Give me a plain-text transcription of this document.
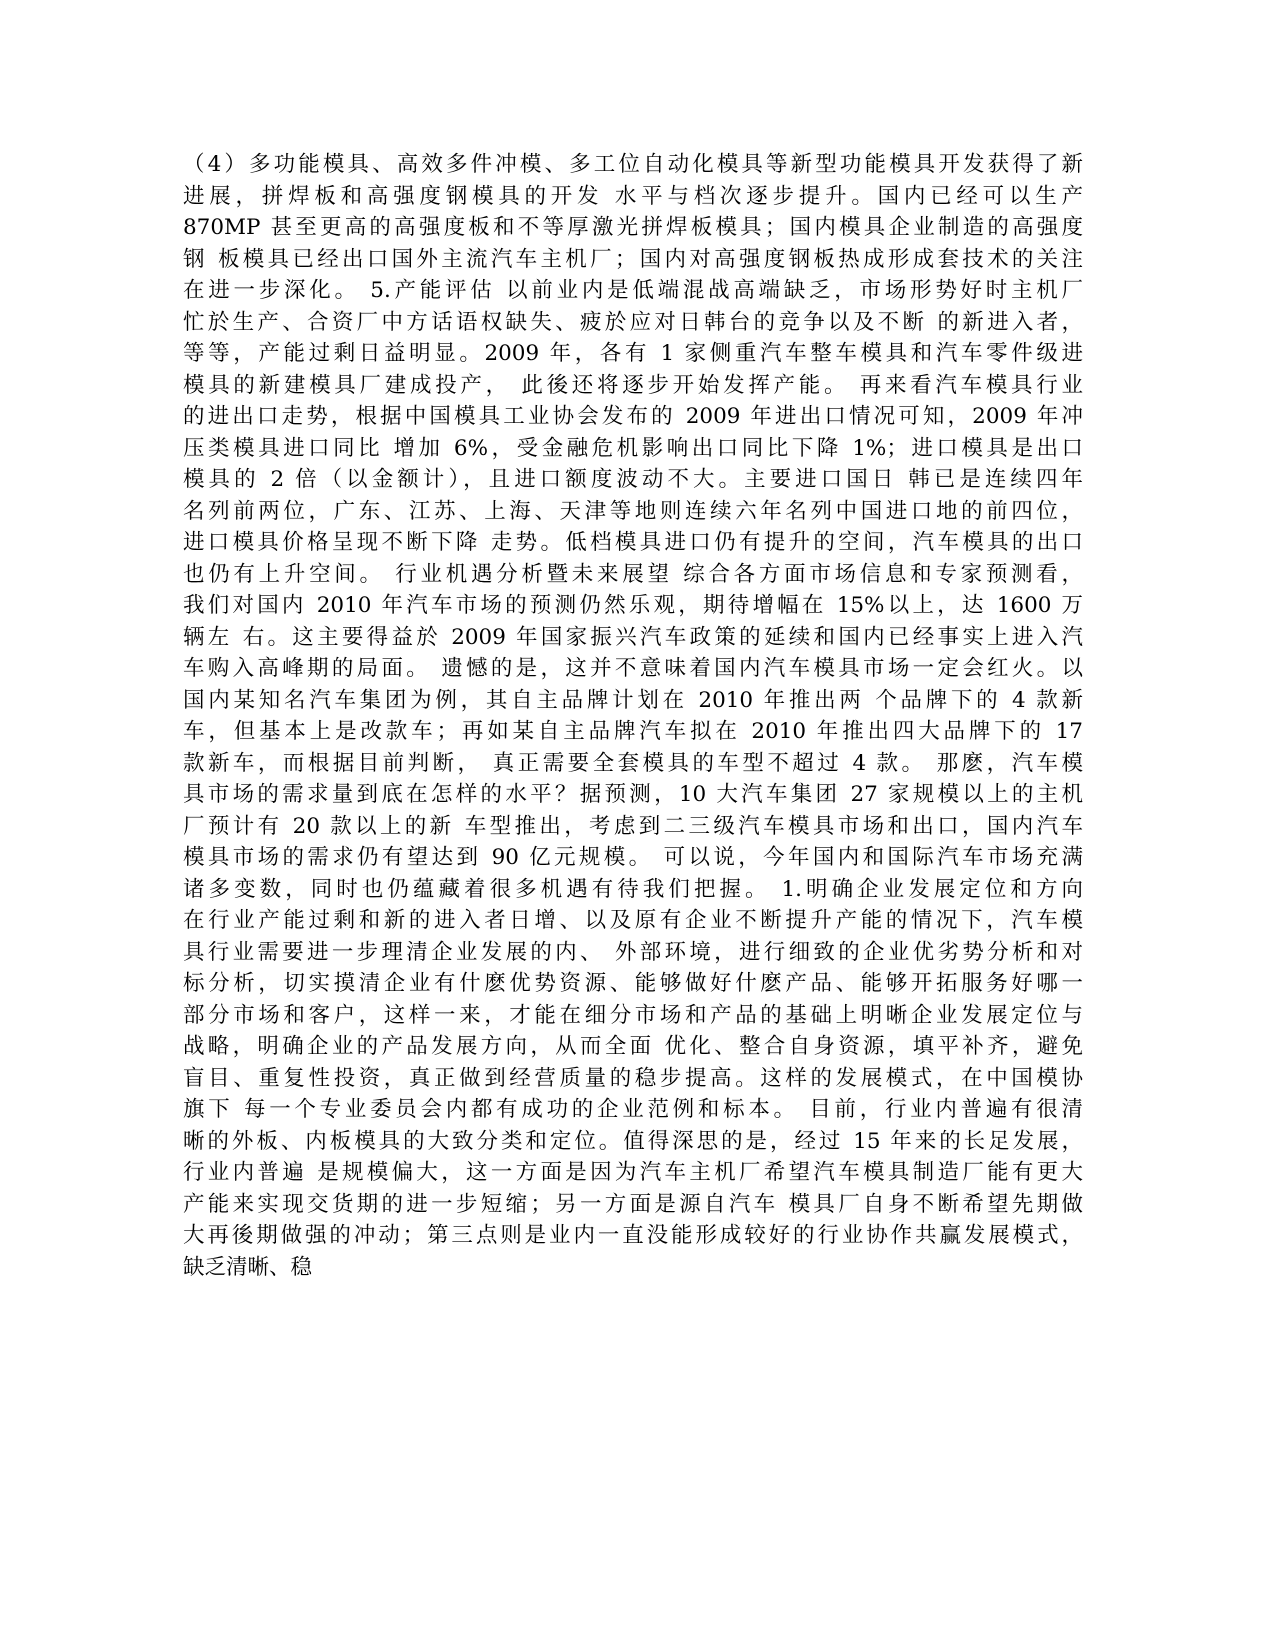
（4）多功能模具、高效多件冲模、多工位自动化模具等新型功能模具开发获得了新
进展，拼焊板和高强度钢模具的开发 水平与档次逐步提升。国内已经可以生产
870MP 甚至更高的高强度板和不等厚激光拼焊板模具；国内模具企业制造的高强度
钢 板模具已经出口国外主流汽车主机厂；国内对高强度钢板热成形成套技术的关注
在进一步深化。 5.产能评估 以前业内是低端混战高端缺乏，市场形势好时主机厂
忙於生产、合资厂中方话语权缺失、疲於应对日韩台的竞争以及不断 的新进入者，
等等，产能过剩日益明显。2009 年，各有 1 家侧重汽车整车模具和汽车零件级进
模具的新建模具厂建成投产， 此後还将逐步开始发挥产能。 再来看汽车模具行业
的进出口走势，根据中国模具工业协会发布的 2009 年进出口情况可知，2009 年冲
压类模具进口同比 增加 6%，受金融危机影响出口同比下降 1%；进口模具是出口
模具的 2 倍（以金额计），且进口额度波动不大。主要进口国日 韩已是连续四年
名列前两位，广东、江苏、上海、天津等地则连续六年名列中国进口地的前四位，
进口模具价格呈现不断下降 走势。低档模具进口仍有提升的空间，汽车模具的出口
也仍有上升空间。 行业机遇分析暨未来展望 综合各方面市场信息和专家预测看，
我们对国内 2010 年汽车市场的预测仍然乐观，期待增幅在 15%以上，达 1600 万
辆左 右。这主要得益於 2009 年国家振兴汽车政策的延续和国内已经事实上进入汽
车购入高峰期的局面。 遗憾的是，这并不意味着国内汽车模具市场一定会红火。以
国内某知名汽车集团为例，其自主品牌计划在 2010 年推出两 个品牌下的 4 款新
车，但基本上是改款车；再如某自主品牌汽车拟在 2010 年推出四大品牌下的 17
款新车，而根据目前判断， 真正需要全套模具的车型不超过 4 款。 那麽，汽车模
具市场的需求量到底在怎样的水平？据预测，10 大汽车集团 27 家规模以上的主机
厂预计有 20 款以上的新 车型推出，考虑到二三级汽车模具市场和出口，国内汽车
模具市场的需求仍有望达到 90 亿元规模。 可以说，今年国内和国际汽车市场充满
诸多变数，同时也仍蕴藏着很多机遇有待我们把握。 1.明确企业发展定位和方向
在行业产能过剩和新的进入者日增、以及原有企业不断提升产能的情况下，汽车模
具行业需要进一步理清企业发展的内、 外部环境，进行细致的企业优劣势分析和对
标分析，切实摸清企业有什麽优势资源、能够做好什麽产品、能够开拓服务好哪一
部分市场和客户，这样一来，才能在细分市场和产品的基础上明晰企业发展定位与
战略，明确企业的产品发展方向，从而全面 优化、整合自身资源，填平补齐，避免
盲目、重复性投资，真正做到经营质量的稳步提高。这样的发展模式，在中国模协
旗下 每一个专业委员会内都有成功的企业范例和标本。 目前，行业内普遍有很清
晰的外板、内板模具的大致分类和定位。值得深思的是，经过 15 年来的长足发展，
行业内普遍 是规模偏大，这一方面是因为汽车主机厂希望汽车模具制造厂能有更大
产能来实现交货期的进一步短缩；另一方面是源自汽车 模具厂自身不断希望先期做
大再後期做强的冲动；第三点则是业内一直没能形成较好的行业协作共赢发展模式，
缺乏清晰、稳
